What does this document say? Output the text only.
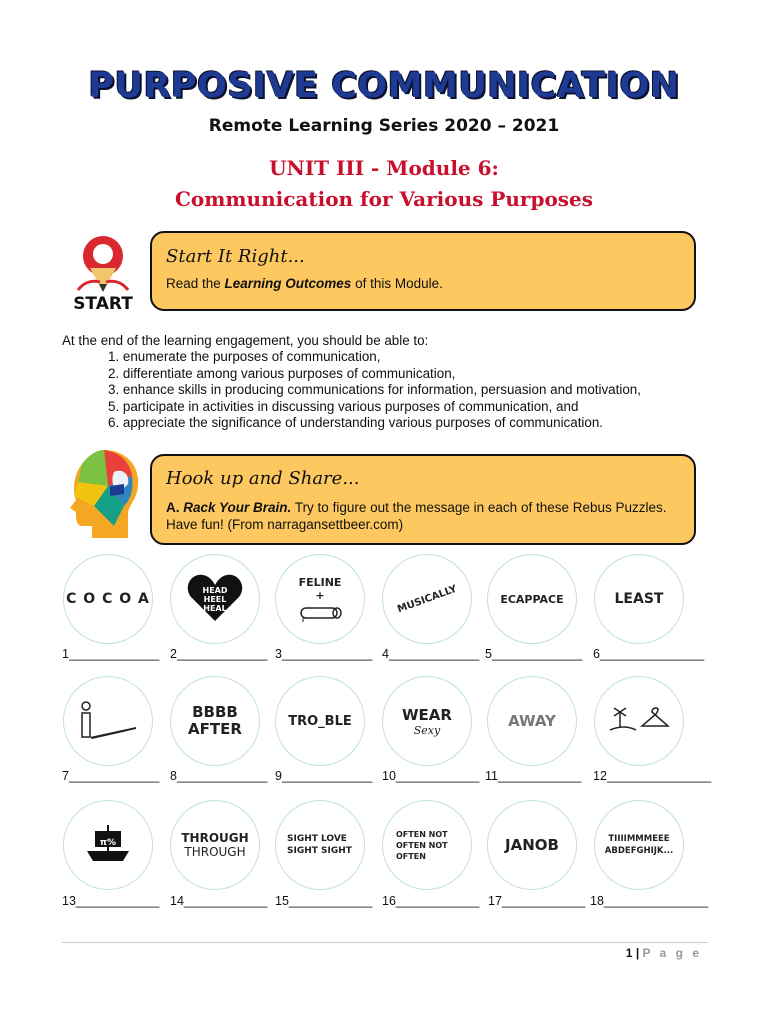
PURPOSIVE COMMUNICATION
Remote Learning Series 2020 – 2021
UNIT III - Module 6:
Communication for Various Purposes
START
Start It Right...
Read the Learning Outcomes of this Module.
At the end of the learning engagement, you should be able to:
1. enumerate the purposes of communication,
2. differentiate among various purposes of communication,
3. enhance skills in producing communications for information, persuasion and motivation,
5. participate in activities in discussing various purposes of communication, and
6. appreciate the significance of understanding various purposes of communication.
Hook up and Share...
A. Rack Your Brain. Try to figure out the message in each of these Rebus Puzzles.
Have fun! (From narragansettbeer.com)
C O C O A
HEAD HEEL HEAL
FELINE +	MUSICALLY	ECAPPACE	LEAST
1_____________ 2_____________ 3_____________ 4_____________ 5_____________ 6_______________
BBBB AFTER	TRO_BLE	WEAR
Sexy	AWAY
7_____________ 8_____________ 9_____________ 10____________ 11____________ 12_______________
π%	THROUGH
THROUGH
SIGHT LOVE SIGHT SIGHT
OFTEN NOT OFTEN NOT OFTEN
JANOB	TIIIIMMMEEE ABDEFGHIJK...
13____________ 14____________ 15____________ 16____________ 17____________ 18_______________
1 | P a g e
